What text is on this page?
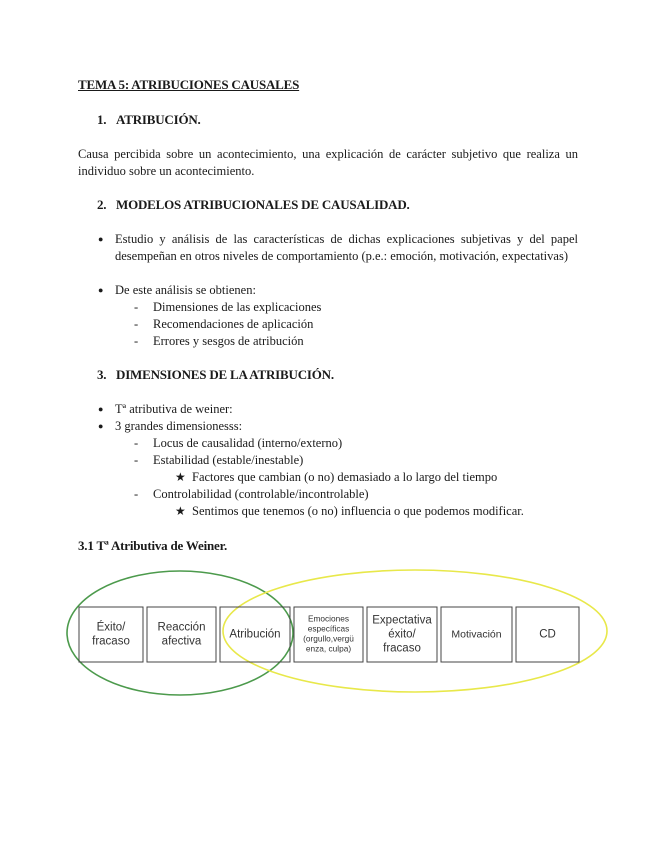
TEMA 5: ATRIBUCIONES CAUSALES
1. ATRIBUCIÓN.
Causa percibida sobre un acontecimiento, una explicación de carácter subjetivo que realiza un individuo sobre un acontecimiento.
2. MODELOS ATRIBUCIONALES DE CAUSALIDAD.
● Estudio y análisis de las características de dichas explicaciones subjetivas y del papel desempeñan en otros niveles de comportamiento (p.e.: emoción, motivación, expectativas)
● De este análisis se obtienen:
- Dimensiones de las explicaciones
- Recomendaciones de aplicación
- Errores y sesgos de atribución
3. DIMENSIONES DE LA ATRIBUCIÓN.
● Tª atributiva de weiner:
● 3 grandes dimensionesss:
- Locus de causalidad (interno/externo)
- Estabilidad (estable/inestable)
★ Factores que cambian (o no) demasiado a lo largo del tiempo
- Controlabilidad (controlable/incontrolable)
★ Sentimos que tenemos (o no) influencia o que podemos modificar.
3.1 Tª Atributiva de Weiner.
Éxito/
fracaso
Reacción
afectiva
Atribución
Emociones
específicas
(orgullo,vergü
enza, culpa)
Expectativa
éxito/
fracaso
Motivación	CD
